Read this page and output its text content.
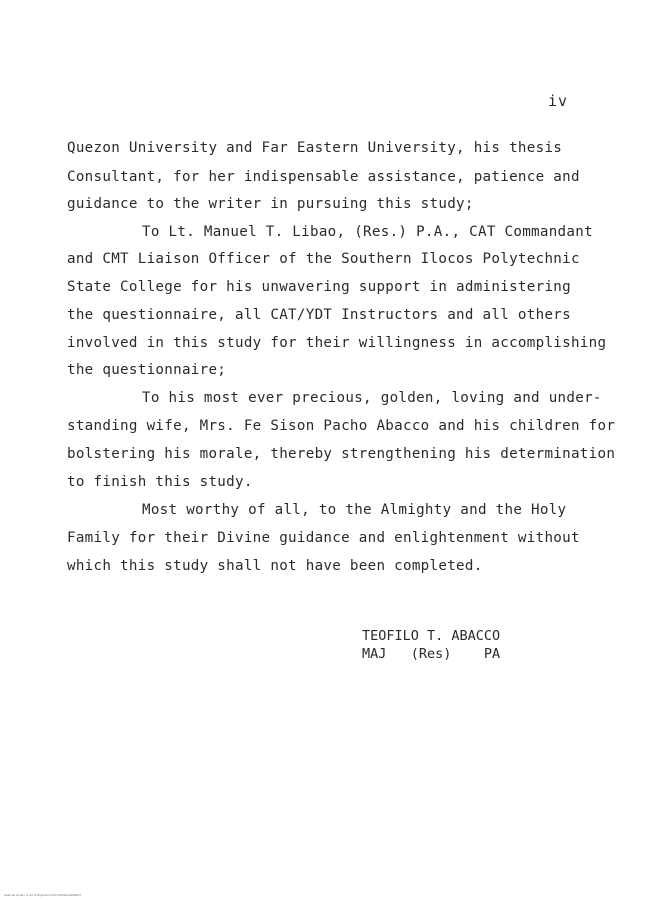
iv
Quezon University and Far Eastern University, his thesis
Consultant, for her indispensable assistance, patience and
guidance to the writer in pursuing this study;
To Lt. Manuel T. Libao, (Res.) P.A., CAT Commandant
and CMT Liaison Officer of the Southern Ilocos Polytechnic
State College for his unwavering support in administering
the questionnaire, all CAT/YDT Instructors and all others
involved in this study for their willingness in accomplishing
the questionnaire;
To his most ever precious, golden, loving and under-
standing wife, Mrs. Fe Sison Pacho Abacco and his children for
bolstering his morale, thereby strengthening his determination
to finish this study.
Most worthy of all, to the Almighty and the Holy
Family for their Divine guidance and enlightenment without
which this study shall not have been completed.
TEOFILO T. ABACCO
MAJ   (Res)    PA
National Library of the Philippines ACKNOWLEDGEMENT
